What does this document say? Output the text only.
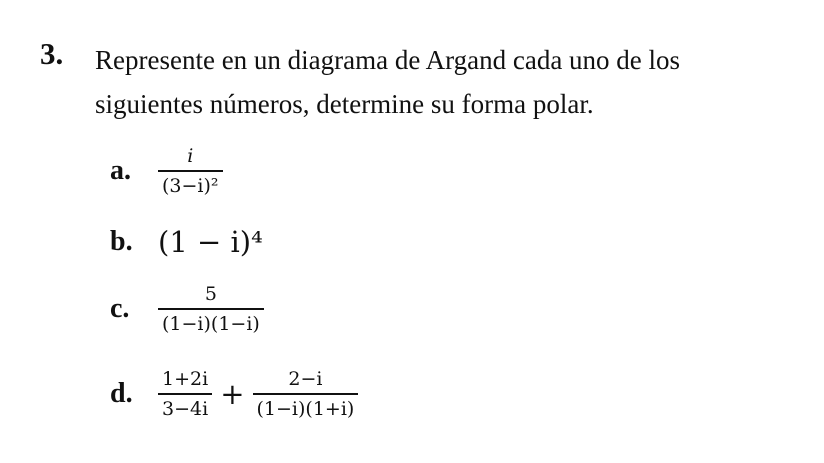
3. Represente en un diagrama de Argand cada uno de los
siguientes números, determine su forma polar.
a.	$\frac{i}{\text{(3−i)²}}$
b. (1 − i)⁴
c.	$\frac{5}{(1-i)(1-i)}$
d.	$\frac{1+2i}{3-4i} + \frac{2-i}{(1-i)(1+i)}$
